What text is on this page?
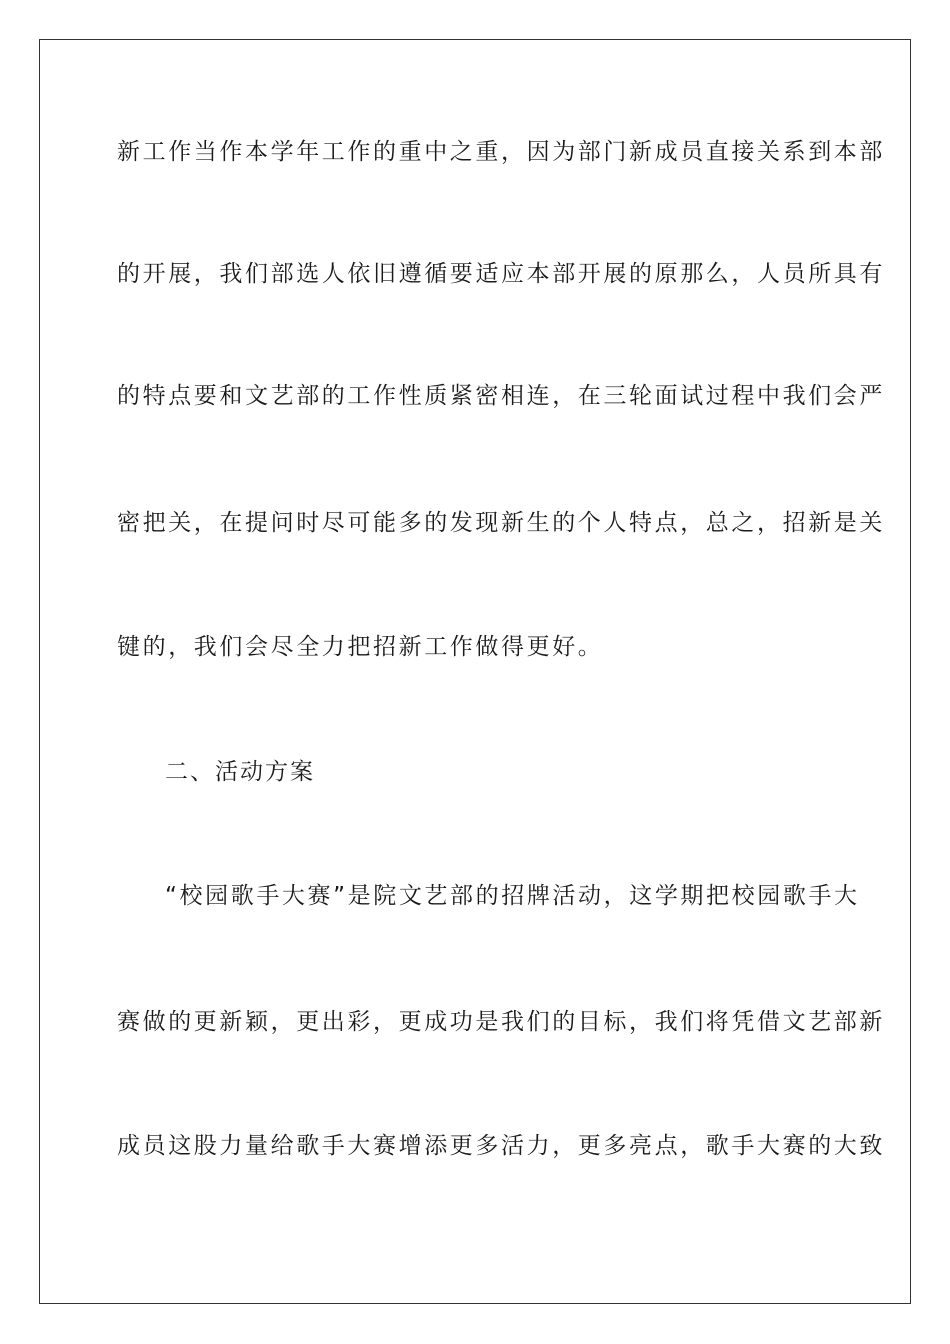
新工作当作本学年工作的重中之重，因为部门新成员直接关系到本部
的开展，我们部选人依旧遵循要适应本部开展的原那么，人员所具有
的特点要和文艺部的工作性质紧密相连，在三轮面试过程中我们会严
密把关，在提问时尽可能多的发现新生的个人特点，总之，招新是关
键的，我们会尽全力把招新工作做得更好。
二、活动方案
“校园歌手大赛”是院文艺部的招牌活动，这学期把校园歌手大
赛做的更新颖，更出彩，更成功是我们的目标，我们将凭借文艺部新
成员这股力量给歌手大赛增添更多活力，更多亮点，歌手大赛的大致
